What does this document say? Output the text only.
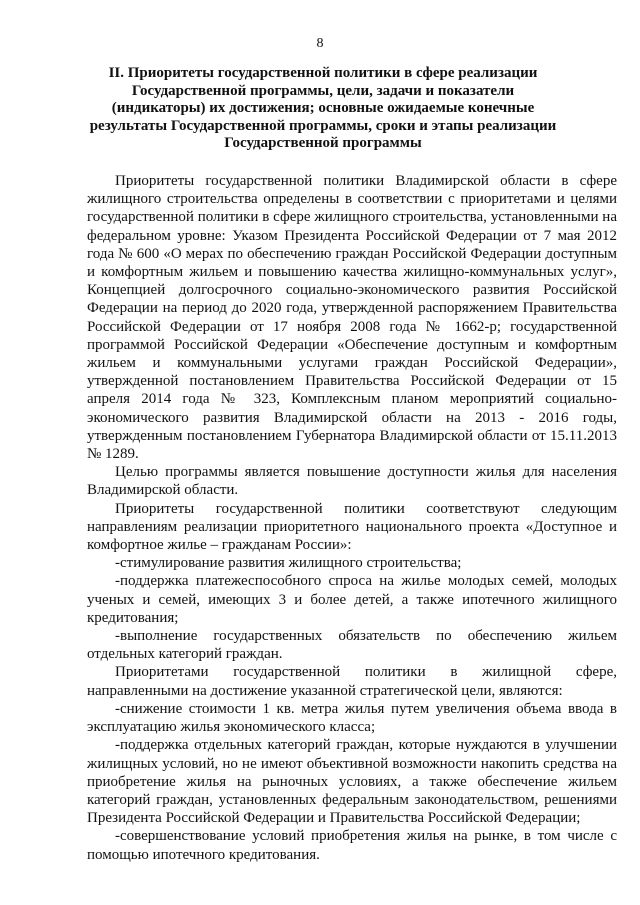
8
II. Приоритеты государственной политики в сфере реализации Государственной программы, цели, задачи и показатели (индикаторы) их достижения; основные ожидаемые конечные результаты Государственной программы, сроки и этапы реализации Государственной программы

Приоритеты государственной политики Владимирской области в сфере жилищного строительства определены в соответствии с приоритетами и целями государственной политики в сфере жилищного строительства, установленными на федеральном уровне: Указом Президента Российской Федерации от 7 мая 2012 года № 600 «О мерах по обеспечению граждан Российской Федерации доступным и комфортным жильем и повышению качества жилищно-коммунальных услуг», Концепцией долгосрочного социально-экономического развития Российской Федерации на период до 2020 года, утвержденной распоряжением Правительства Российской Федерации от 17 ноября 2008 года № 1662-р; государственной программой Российской Федерации «Обеспечение доступным и комфортным жильем и коммунальными услугами граждан Российской Федерации», утвержденной постановлением Правительства Российской Федерации от 15 апреля 2014 года № 323, Комплексным планом мероприятий социально-экономического развития Владимирской области на 2013 - 2016 годы, утвержденным постановлением Губернатора Владимирской области от 15.11.2013 № 1289.

Целью программы является повышение доступности жилья для населения Владимирской области.

Приоритеты государственной политики соответствуют следующим направлениям реализации приоритетного национального проекта «Доступное и комфортное жилье – гражданам России»:

-стимулирование развития жилищного строительства;

-поддержка платежеспособного спроса на жилье молодых семей, молодых ученых и семей, имеющих 3 и более детей, а также ипотечного жилищного кредитования;

-выполнение государственных обязательств по обеспечению жильем отдельных категорий граждан.

Приоритетами государственной политики в жилищной сфере, направленными на достижение указанной стратегической цели, являются:

-снижение стоимости 1 кв. метра жилья путем увеличения объема ввода в эксплуатацию жилья экономического класса;

-поддержка отдельных категорий граждан, которые нуждаются в улучшении жилищных условий, но не имеют объективной возможности накопить средства на приобретение жилья на рыночных условиях, а также обеспечение жильем категорий граждан, установленных федеральным законодательством, решениями Президента Российской Федерации и Правительства Российской Федерации;

-совершенствование условий приобретения жилья на рынке, в том числе с помощью ипотечного кредитования.
